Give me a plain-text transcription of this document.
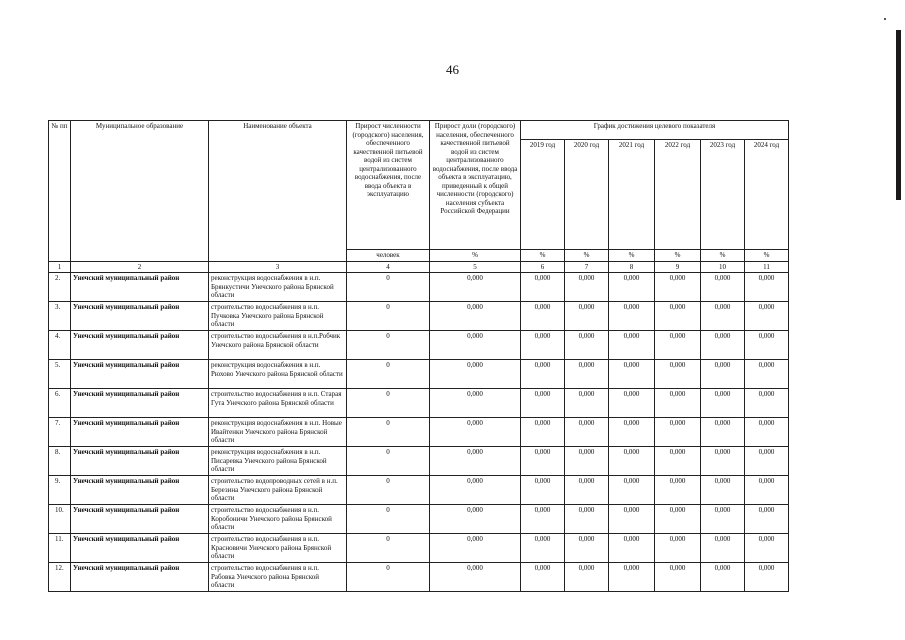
46
№ пп	Муниципальное образование	Наименование объекта	Прирост численности (городского) населения, обеспеченного качественной питьевой водой из систем централизованного водоснабжения, после ввода объекта в эксплуатацию	Прирост доли (городского) населения, обеспеченного качественной питьевой водой из систем централизованного водоснабжения, после ввода объекта в эксплуатацию, приведенный к общей численности (городского) населения субъекта Российской Федерации	График достижения целевого показателя					
					2019 год	2020 год	2021 год	2022 год	2023 год	2024 год
			человек	%	%	%	%	%	%	%
1	2	3	4	5	6	7	8	9	10	11
2.	Унечский муниципальный район	реконструкция водоснабжения в н.п. Брянкустичи Унечского района Брянской области	0	0,000	0,000	0,000	0,000	0,000	0,000	0,000
3.	Унечский муниципальный район	строительство водоснабжения в н.п. Пучковка Унечского района Брянской области	0	0,000	0,000	0,000	0,000	0,000	0,000	0,000
4.	Унечский муниципальный район	строительство водоснабжения в н.п.Робчик Унечского района Брянской области	0	0,000	0,000	0,000	0,000	0,000	0,000	0,000
5.	Унечский муниципальный район	реконструкция водоснабжения в н.п. Рюхово Унечского района Брянской области	0	0,000	0,000	0,000	0,000	0,000	0,000	0,000
6.	Унечский муниципальный район	строительство водоснабжения в н.п. Старая Гута Унечского района Брянской области	0	0,000	0,000	0,000	0,000	0,000	0,000	0,000
7.	Унечский муниципальный район	реконструкция водоснабжения в н.п. Новые Ивайтенки Унечского района Брянской области	0	0,000	0,000	0,000	0,000	0,000	0,000	0,000
8.	Унечский муниципальный район	реконструкция водоснабжения в н.п. Писаревка Унечского района Брянской области	0	0,000	0,000	0,000	0,000	0,000	0,000	0,000
9.	Унечский муниципальный район	строительство водопроводных сетей в н.п. Березина Унечского района Брянской области	0	0,000	0,000	0,000	0,000	0,000	0,000	0,000
10.	Унечский муниципальный район	строительство водоснабжения в н.п. Коробоничи Унечского района Брянской области	0	0,000	0,000	0,000	0,000	0,000	0,000	0,000
11.	Унечский муниципальный район	строительство водоснабжения в н.п. Красновичи Унечского района Брянской области	0	0,000	0,000	0,000	0,000	0,000	0,000	0,000
12.	Унечский муниципальный район	строительство водоснабжения в н.п. Рабовка Унечского района Брянской области	0	0,000	0,000	0,000	0,000	0,000	0,000	0,000
